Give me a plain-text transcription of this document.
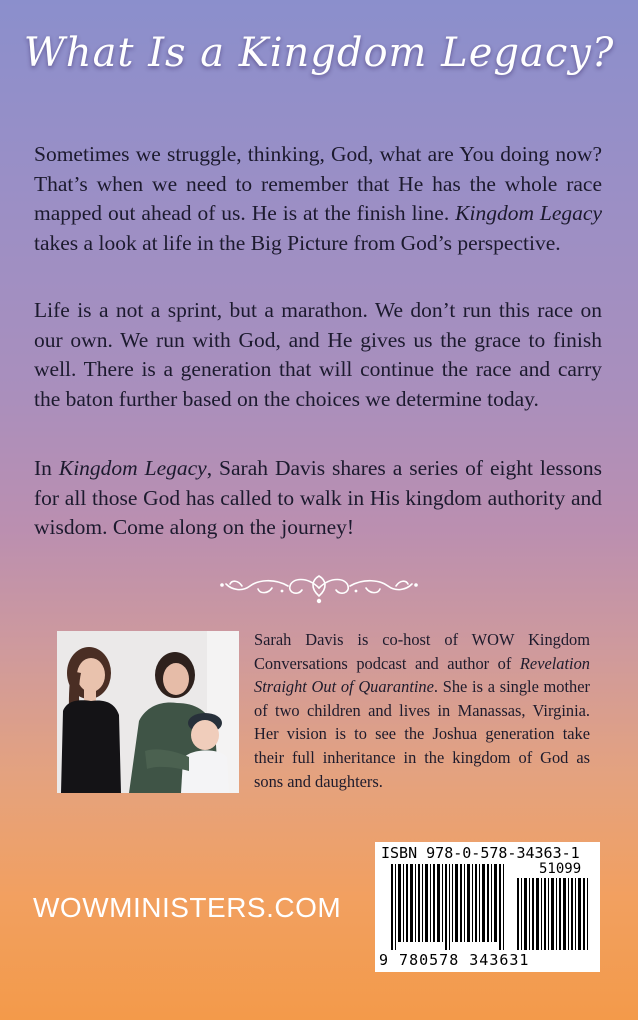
What Is a Kingdom Legacy?

Sometimes we struggle, thinking, God, what are You doing now? That’s when we need to remember that He has the whole race mapped out ahead of us. He is at the finish line. Kingdom Legacy takes a look at life in the Big Picture from God’s perspective.

Life is a not a sprint, but a marathon. We don’t run this race on our own. We run with God, and He gives us the grace to finish well. There is a generation that will continue the race and carry the baton further based on the choices we determine today.

In Kingdom Legacy, Sarah Davis shares a series of eight lessons for all those God has called to walk in His kingdom authority and wisdom. Come along on the journey!

Sarah Davis is co-host of WOW Kingdom Conversations podcast and author of Revelation Straight Out of Quarantine. She is a single mother of two children and lives in Manassas, Virginia. Her vision is to see the Joshua generation take their full inheritance in the kingdom of God as sons and daughters.

WOWMINISTERS.COM
ISBN 978-0-578-34363-1
51099
9 780578 343631
